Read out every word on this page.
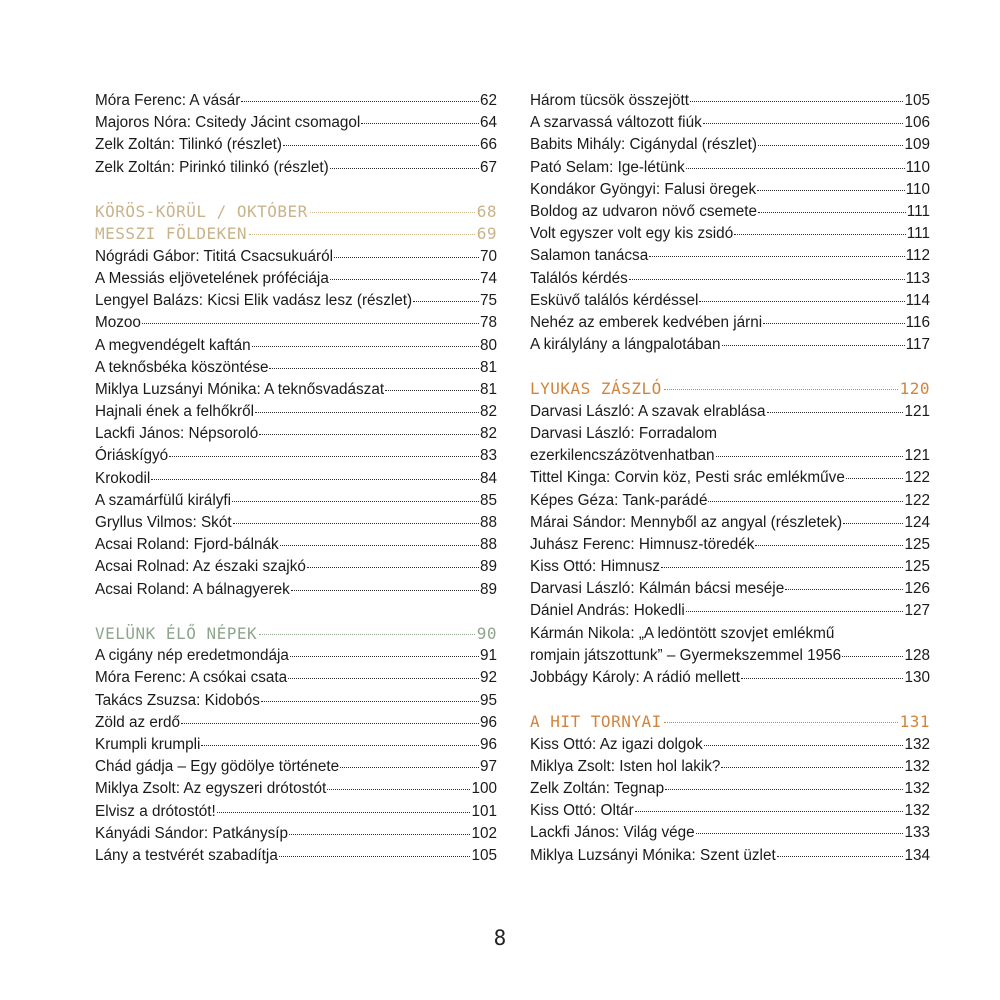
Móra Ferenc: A vásár	62
Majoros Nóra: Csitedy Jácint csomagol	64
Zelk Zoltán: Tilinkó (részlet)	66
Zelk Zoltán: Pirinkó tilinkó (részlet)	67
KÖRÖS-KÖRÜL / OKTÓBER	68
MESSZI FÖLDEKEN	69
Nógrádi Gábor: Tititá Csacsukuáról	70
A Messiás eljövetelének próféciája	74
Lengyel Balázs: Kicsi Elik vadász lesz (részlet)	75
Mozoo	78
A megvendégelt kaftán	80
A teknősbéka köszöntése	81
Miklya Luzsányi Mónika: A teknősvadászat	81
Hajnali ének a felhőkről	82
Lackfi János: Népsoroló	82
Óriáskígyó	83
Krokodil	84
A szamárfülű királyfi	85
Gryllus Vilmos: Skót	88
Acsai Roland: Fjord-bálnák	88
Acsai Rolnad: Az északi szajkó	89
Acsai Roland: A bálnagyerek	89
VELÜNK ÉLŐ NÉPEK	90
A cigány nép eredetmondája	91
Móra Ferenc: A csókai csata	92
Takács Zsuzsa: Kidobós	95
Zöld az erdő	96
Krumpli krumpli	96
Chád gádja – Egy gödölye története	97
Miklya Zsolt: Az egyszeri drótostót	100
Elvisz a drótostót!	101
Kányádi Sándor: Patkánysíp	102
Lány a testvérét szabadítja	105
Három tücsök összejött	105
A szarvassá változott fiúk	106
Babits Mihály: Cigánydal (részlet)	109
Pató Selam: Ige-létünk	110
Kondákor Gyöngyi: Falusi öregek	110
Boldog az udvaron növő csemete	111
Volt egyszer volt egy kis zsidó	111
Salamon tanácsa	112
Találós kérdés	113
Esküvő találós kérdéssel	114
Nehéz az emberek kedvében járni	116
A királylány a lángpalotában	117
LYUKAS ZÁSZLÓ	120
Darvasi László: A szavak elrablása	121
Darvasi László: Forradalom
ezerkilencszázötvenhatban	121
Tittel Kinga: Corvin köz, Pesti srác emlékműve	122
Képes Géza: Tank-parádé	122
Márai Sándor: Mennyből az angyal (részletek)	124
Juhász Ferenc: Himnusz-töredék	125
Kiss Ottó: Himnusz	125
Darvasi László: Kálmán bácsi meséje	126
Dániel András: Hokedli	127
Kármán Nikola: „A ledöntött szovjet emlékmű
romjain játszottunk” – Gyermekszemmel 1956	128
Jobbágy Károly: A rádió mellett	130
A HIT TORNYAI	131
Kiss Ottó: Az igazi dolgok	132
Miklya Zsolt: Isten hol lakik?	132
Zelk Zoltán: Tegnap	132
Kiss Ottó: Oltár	132
Lackfi János: Világ vége	133
Miklya Luzsányi Mónika: Szent üzlet	134
8
